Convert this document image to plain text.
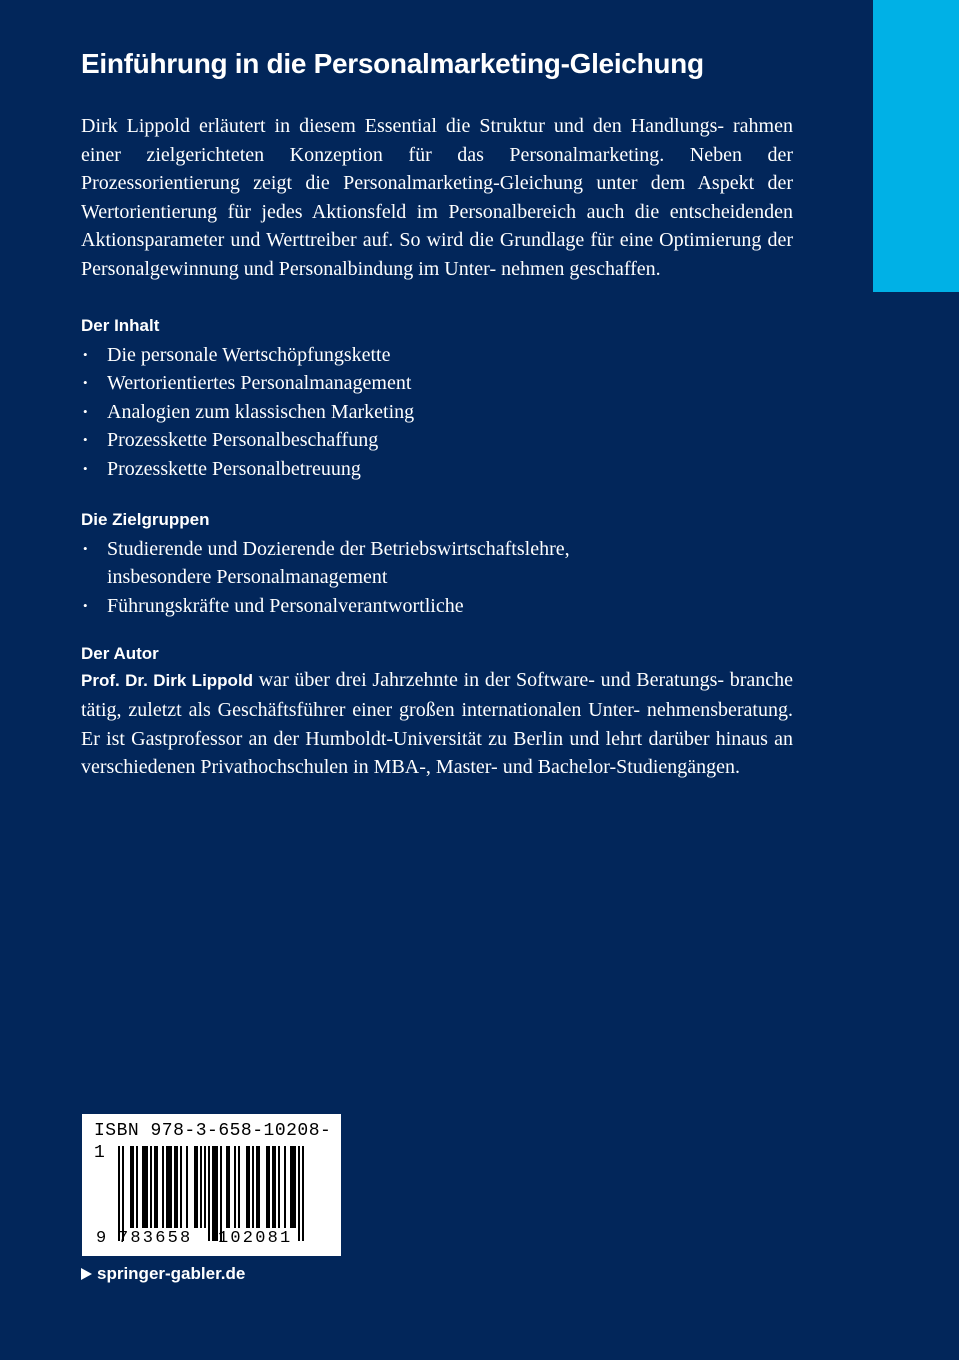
Einführung in die Personalmarketing-Gleichung

Dirk Lippold erläutert in diesem Essential die Struktur und den Handlungs- rahmen einer zielgerichteten Konzeption für das Personalmarketing. Neben der Prozessorientierung zeigt die Personalmarketing-Gleichung unter dem Aspekt der Wertorientierung für jedes Aktionsfeld im Personalbereich auch die entscheidenden Aktionsparameter und Werttreiber auf. So wird die Grundlage für eine Optimierung der Personalgewinnung und Personalbindung im Unter- nehmen geschaffen.

Der Inhalt
• Die personale Wertschöpfungskette
• Wertorientiertes Personalmanagement
• Analogien zum klassischen Marketing
• Prozesskette Personalbeschaffung
• Prozesskette Personalbetreuung
Die Zielgruppen
• Studierende und Dozierende der Betriebswirtschaftslehre,
insbesondere Personalmanagement
• Führungskräfte und Personalverantwortliche
Der Autor

Prof. Dr. Dirk Lippold war über drei Jahrzehnte in der Software- und Beratungs- branche tätig, zuletzt als Geschäftsführer einer großen internationalen Unter- nehmensberatung. Er ist Gastprofessor an der Humboldt-Universität zu Berlin und lehrt darüber hinaus an verschiedenen Privathochschulen in MBA-, Master- und Bachelor-Studiengängen.

ISBN 978-3-658-10208-1
9 783658 102081
springer-gabler.de
